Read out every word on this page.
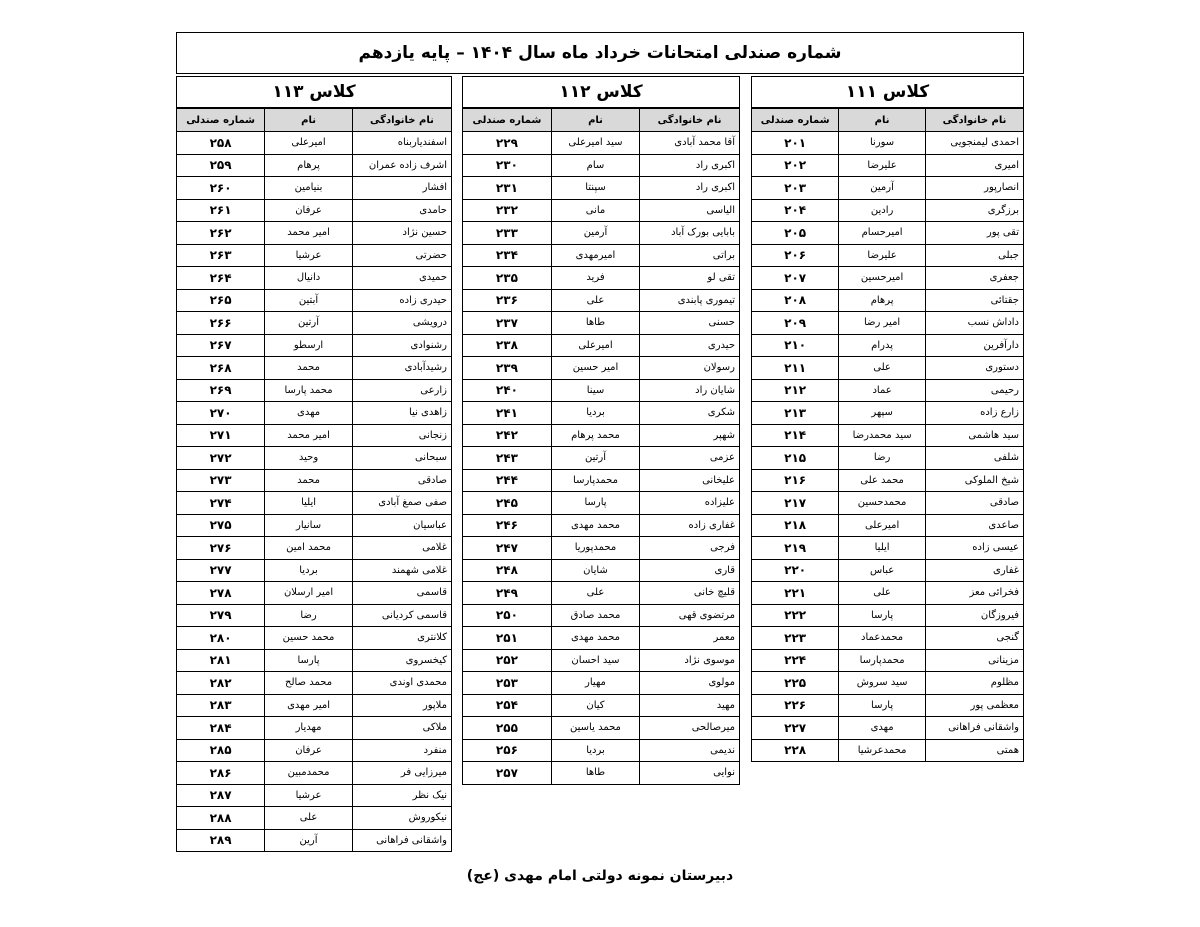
شماره صندلی امتحانات خرداد ماه سال ۱۴۰۴ – پایه یازدهم
کلاس ۱۱۱
نام خانوادگی	نام	شماره صندلی
احمدی لیمنجویی	سورنا	۲۰۱
امیری	علیرضا	۲۰۲
انصارپور	آرمین	۲۰۳
برزگری	رادین	۲۰۴
تقی پور	امیرحسام	۲۰۵
جبلی	علیرضا	۲۰۶
جعفری	امیرحسین	۲۰۷
جقتائی	پرهام	۲۰۸
داداش نسب	امیر رضا	۲۰۹
دارآفرین	پدرام	۲۱۰
دستوری	علی	۲۱۱
رحیمی	عماد	۲۱۲
زارع زاده	سپهر	۲۱۳
سید هاشمی	سید محمدرضا	۲۱۴
شلفی	رضا	۲۱۵
شیخ الملوکی	محمد علی	۲۱۶
صادقی	محمدحسین	۲۱۷
صاعدی	امیرعلی	۲۱۸
عیسی زاده	ایلیا	۲۱۹
غفاری	عباس	۲۲۰
فخرائی معز	علی	۲۲۱
فیروزگان	پارسا	۲۲۲
گنجی	محمدعماد	۲۲۳
مزینانی	محمدپارسا	۲۲۴
مظلوم	سید سروش	۲۲۵
معظمی پور	پارسا	۲۲۶
واشقانی فراهانی	مهدی	۲۲۷
همتی	محمدعرشیا	۲۲۸
کلاس ۱۱۲
نام خانوادگی	نام	شماره صندلی
آقا محمد آبادی	سید امیرعلی	۲۲۹
اکبری راد	سام	۲۳۰
اکبری راد	سپنتا	۲۳۱
الیاسی	مانی	۲۳۲
بابایی بورک آباد	آرمین	۲۳۳
براتی	امیرمهدی	۲۳۴
تقی لو	فرید	۲۳۵
تیموری پابندی	علی	۲۳۶
حسنی	طاها	۲۳۷
حیدری	امیرعلی	۲۳۸
رسولان	امیر حسین	۲۳۹
شایان راد	سینا	۲۴۰
شکری	بردیا	۲۴۱
شهپر	محمد پرهام	۲۴۲
عزمی	آرتین	۲۴۳
علیخانی	محمدپارسا	۲۴۴
علیزاده	پارسا	۲۴۵
غفاری زاده	محمد مهدی	۲۴۶
فرجی	محمدپوریا	۲۴۷
قاری	شایان	۲۴۸
قلیچ خانی	علی	۲۴۹
مرتضوی قهی	محمد صادق	۲۵۰
معمر	محمد مهدی	۲۵۱
موسوی نژاد	سید احسان	۲۵۲
مولوی	مهیار	۲۵۳
مهید	کیان	۲۵۴
میرصالحی	محمد یاسین	۲۵۵
ندیمی	بردیا	۲۵۶
نوایی	طاها	۲۵۷
کلاس ۱۱۳
نام خانوادگی	نام	شماره صندلی
اسفندیاربناه	امیرعلی	۲۵۸
اشرف زاده عمران	پرهام	۲۵۹
افشار	بنیامین	۲۶۰
حامدی	عرفان	۲۶۱
حسین نژاد	امیر محمد	۲۶۲
حضرتی	عرشیا	۲۶۳
حمیدی	دانیال	۲۶۴
حیدری زاده	آبتین	۲۶۵
درویشی	آرتین	۲۶۶
رشنوادی	ارسطو	۲۶۷
رشیدآبادی	محمد	۲۶۸
زارعی	محمد پارسا	۲۶۹
زاهدی نیا	مهدی	۲۷۰
زنجانی	امیر محمد	۲۷۱
سبحانی	وحید	۲۷۲
صادقی	محمد	۲۷۳
صفی صمغ آبادی	ایلیا	۲۷۴
عباسیان	سانیار	۲۷۵
غلامی	محمد امین	۲۷۶
غلامی شهمند	بردیا	۲۷۷
قاسمی	امیر ارسلان	۲۷۸
قاسمی کردیانی	رضا	۲۷۹
کلانتری	محمد حسین	۲۸۰
کیخسروی	پارسا	۲۸۱
محمدی اوندی	محمد صالح	۲۸۲
ملاپور	امیر مهدی	۲۸۳
ملاکی	مهدیار	۲۸۴
منفرد	عرفان	۲۸۵
میرزایی فر	محمدمبین	۲۸۶
نیک نظر	عرشیا	۲۸۷
نیکوروش	علی	۲۸۸
واشقانی فراهانی	آرین	۲۸۹
دبیرستان نمونه دولتی امام مهدی (عج)
